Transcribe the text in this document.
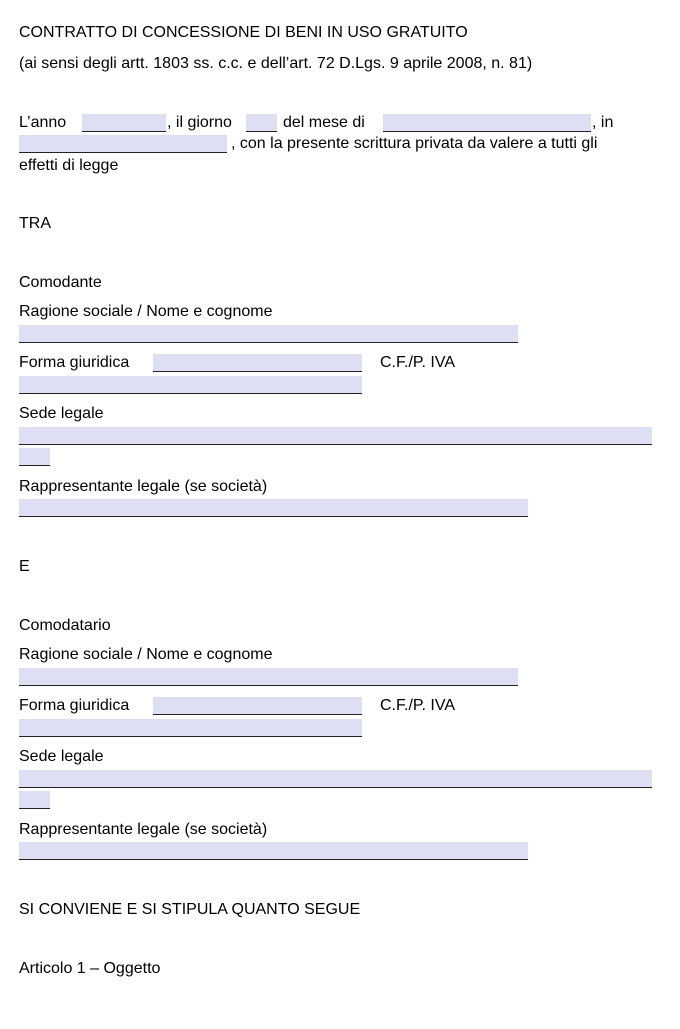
CONTRATTO DI CONCESSIONE DI BENI IN USO GRATUITO
(ai sensi degli artt. 1803 ss. c.c. e dell’art. 72 D.Lgs. 9 aprile 2008, n. 81)
L’anno	, il giorno	del mese di	, in
, con la presente scrittura privata da valere a tutti gli
effetti di legge
TRA
Comodante
Ragione sociale / Nome e cognome
Forma giuridica	C.F./P. IVA
Sede legale
Rappresentante legale (se società)
E
Comodatario
Ragione sociale / Nome e cognome
Forma giuridica	C.F./P. IVA
Sede legale
Rappresentante legale (se società)
SI CONVIENE E SI STIPULA QUANTO SEGUE
Articolo 1 – Oggetto
